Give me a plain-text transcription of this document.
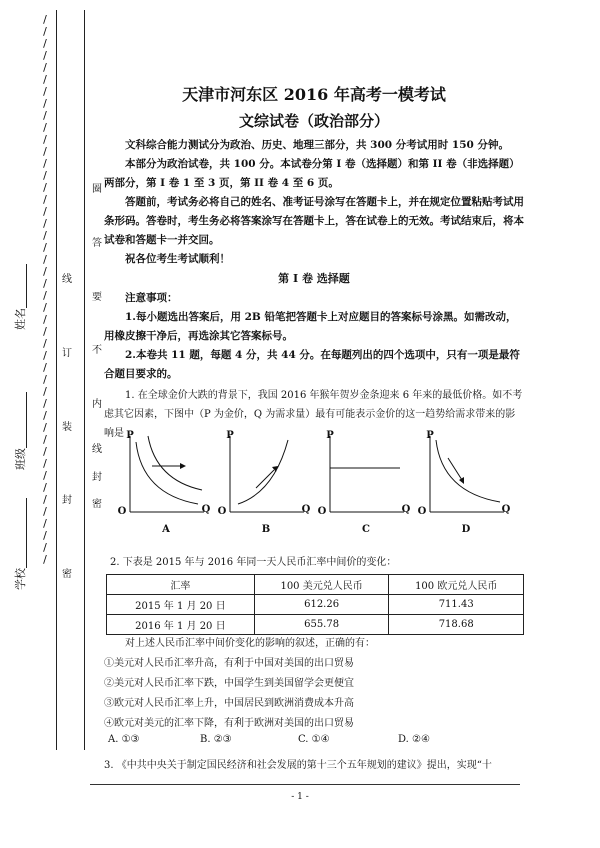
/
/
/
/
/
/
/
/
/
/
/
/
/
/
/
/
/
/
/
/
/
/
/
/
/
/
/
/
/
/
/
/
/
/
/
/
/
/
/
/
/
/
/
/
/
/
圈
答
要
不
内
线
订
装
封
密
线
封
密
姓名
班级
学校
天津市河东区 2016 年高考一模考试
文综试卷（政治部分）
文科综合能力测试分为政治、历史、地理三部分，共 300 分考试用时 150 分钟。
本部分为政治试卷，共 100 分。本试卷分第 I 卷（选择题）和第 II 卷（非选择题）两部分，第 I 卷 1 至 3 页，第 II 卷 4 至 6 页。
答题前，考试务必将自己的姓名、准考证号涂写在答题卡上，并在规定位置粘贴考试用条形码。答卷时，考生务必将答案涂写在答题卡上，答在试卷上的无效。考试结束后，将本试卷和答题卡一并交回。
祝各位考生考试顺利！
第 I 卷 选择题
注意事项：
1.每小题选出答案后，用 2B 铅笔把答题卡上对应题目的答案标号涂黑。如需改动，用橡皮擦干净后，再选涂其它答案标号。
2.本卷共 11 题，每题 4 分，共 44 分。在每题列出的四个选项中，只有一项是最符合题目要求的。
1. 在全球金价大跌的背景下，我国 2016 年猴年贺岁金条迎来 6 年来的最低价格。如不考虑其它因素，下图中（P 为金价，Q 为需求量）最有可能表示金价的这一趋势给需求带来的影响是 P
O	Q
A
P
O	Q
B
P
O	Q
C
P
O	Q
D
2. 下表是 2015 年与 2016 年同一天人民币汇率中间价的变化：
汇率	100 美元兑人民币	100 欧元兑人民币
2015 年 1 月 20 日	612.26	711.43
2016 年 1 月 20 日	655.78	718.68
对上述人民币汇率中间价变化的影响的叙述，正确的有：
①美元对人民币汇率升高，有利于中国对美国的出口贸易
②美元对人民币汇率下跌，中国学生到美国留学会更便宜
③欧元对人民币汇率上升，中国居民到欧洲消费成本升高
④欧元对美元的汇率下降，有利于欧洲对美国的出口贸易
A. ①③	B. ②③	C. ①④	D. ②④
3. 《中共中央关于制定国民经济和社会发展的第十三个五年规划的建议》提出，实现“十
- 1 -
